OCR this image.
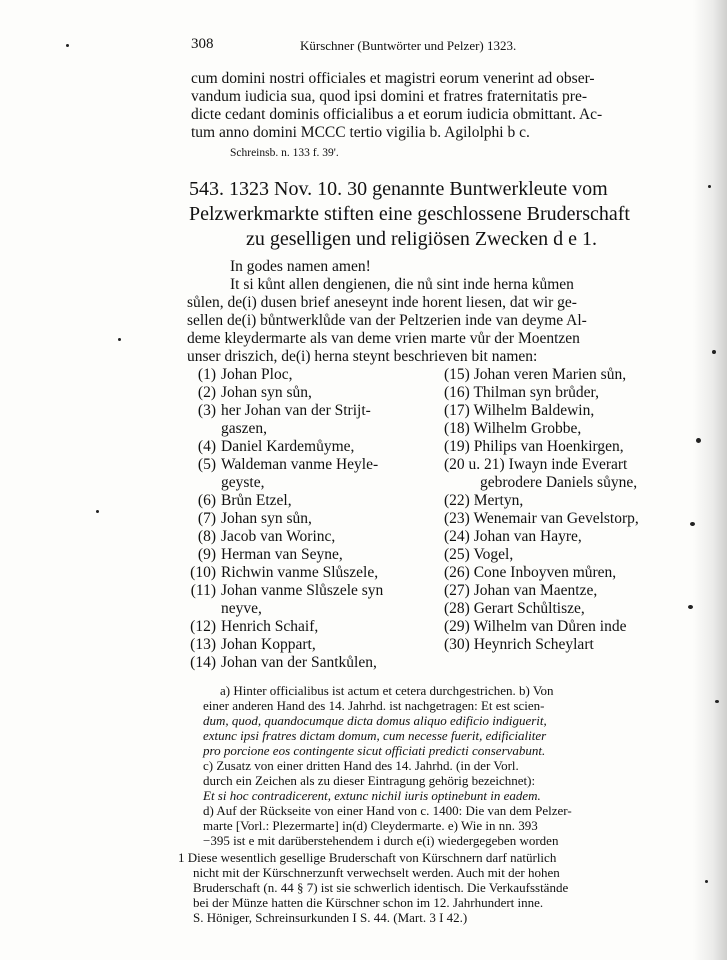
308	Kürschner (Buntwörter und Pelzer) 1323.
cum domini nostri officiales et magistri eorum venerint ad obser-
vandum iudicia sua, quod ipsi domini et fratres fraternitatis pre-
dicte cedant dominis officialibus a et eorum iudicia obmittant. Ac-
tum anno domini MCCC tertio vigilia b. Agilolphi b c.
Schreinsb. n. 133 f. 39'.
543. 1323 Nov. 10. 30 genannte Buntwerkleute vom
Pelzwerkmarkte stiften eine geschlossene Bruderschaft
zu geselligen und religiösen Zwecken d e 1.
In godes namen amen!
It si kůnt allen dengienen, die nů sint inde herna kůmen
sůlen, de(i) dusen brief aneseynt inde horent liesen, dat wir ge-
sellen de(i) bůntwerklůde van der Peltzerien inde van deyme Al-
deme kleydermarte als van deme vrien marte vůr der Moentzen
unser driszich, de(i) herna steynt beschrieven bit namen:
(1) Johan Ploc,
(2) Johan syn sůn,
(3) her Johan van der Strijt-
gaszen,
(4) Daniel Kardemůyme,
(5) Waldeman vanme Heyle-
geyste,
(6) Brůn Etzel,
(7) Johan syn sůn,
(8) Jacob van Worinc,
(9) Herman van Seyne,
(10) Richwin vanme Slůszele,
(11) Johan vanme Slůszele syn
neyve,
(12) Henrich Schaif,
(13) Johan Koppart,
(14) Johan van der Santkůlen,
(15) Johan veren Marien sůn,
(16) Thilman syn brůder,
(17) Wilhelm Baldewin,
(18) Wilhelm Grobbe,
(19) Philips van Hoenkirgen,
(20 u. 21) Iwayn inde Everart
gebrodere Daniels sůyne,
(22) Mertyn,
(23) Wenemair van Gevelstorp,
(24) Johan van Hayre,
(25) Vogel,
(26) Cone Inboyven můren,
(27) Johan van Maentze,
(28) Gerart Schůltisze,
(29) Wilhelm van Důren inde
(30) Heynrich Scheylart
a) Hinter officialibus ist actum et cetera durchgestrichen. b) Von
einer anderen Hand des 14. Jahrhd. ist nachgetragen: Et est scien-
dum, quod, quandocumque dicta domus aliquo edificio indiguerit,
extunc ipsi fratres dictam domum, cum necesse fuerit, edificialiter
pro porcione eos contingente sicut officiati predicti conservabunt.
c) Zusatz von einer dritten Hand des 14. Jahrhd. (in der Vorl.
durch ein Zeichen als zu dieser Eintragung gehörig bezeichnet):
Et si hoc contradicerent, extunc nichil iuris optinebunt in eadem.
d) Auf der Rückseite von einer Hand von c. 1400: Die van dem Pelzer-
marte [Vorl.: Plezermarte] in(d) Cleydermarte. e) Wie in nn. 393
−395 ist e mit darüberstehendem i durch e(i) wiedergegeben worden
1 Diese wesentlich gesellige Bruderschaft von Kürschnern darf natürlich
nicht mit der Kürschnerzunft verwechselt werden. Auch mit der hohen
Bruderschaft (n. 44 § 7) ist sie schwerlich identisch. Die Verkaufsstände
bei der Münze hatten die Kürschner schon im 12. Jahrhundert inne.
S. Höniger, Schreinsurkunden I S. 44. (Mart. 3 I 42.)
